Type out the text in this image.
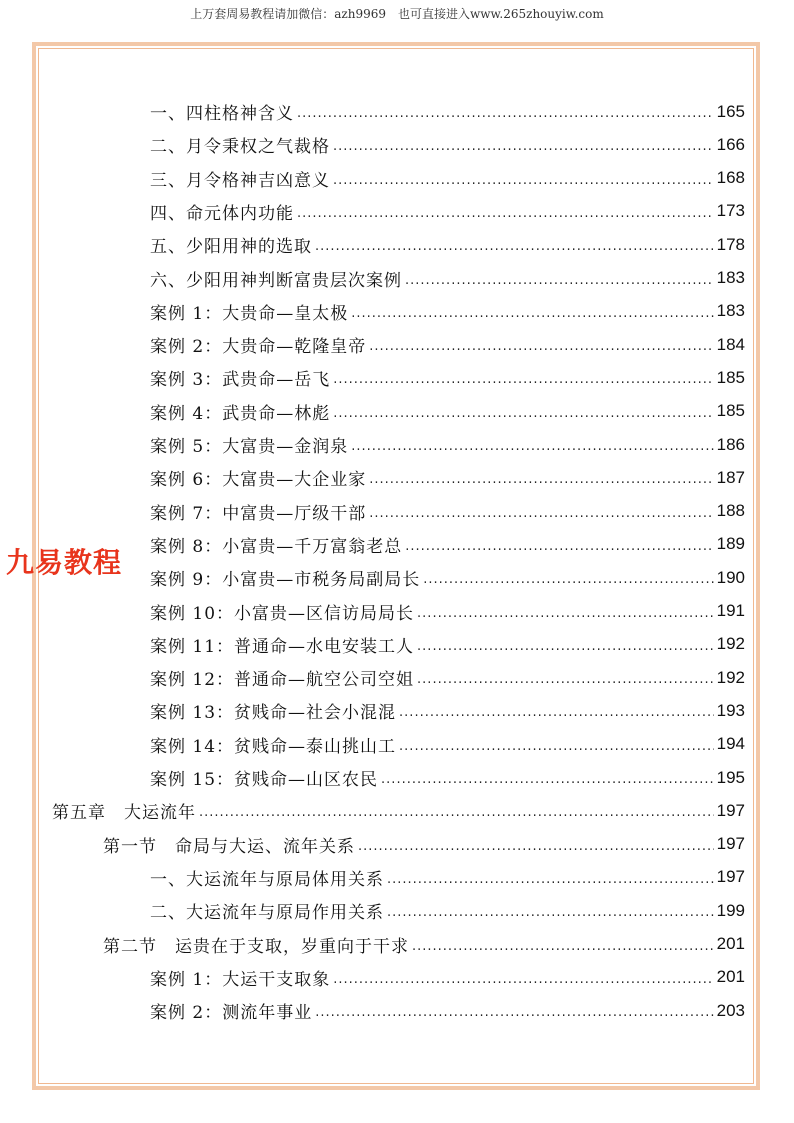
上万套周易教程请加微信：azh9969　也可直接进入www.265zhouyiw.com
一、四柱格神含义 .....	165
二、月令秉权之气裁格 .....	166
三、月令格神吉凶意义 .....	168
四、命元体内功能 .....	173
五、少阳用神的选取 .....	178
六、少阳用神判断富贵层次案例 .....	183
案例 1：大贵命—皇太极 .....	183
案例 2：大贵命—乾隆皇帝 .....	184
案例 3：武贵命—岳飞 .....	185
案例 4：武贵命—林彪 .....	185
案例 5：大富贵—金润泉 .....	186
案例 6：大富贵—大企业家 .....	187
案例 7：中富贵—厅级干部 .....	188
案例 8：小富贵—千万富翁老总 .....	189
案例 9：小富贵—市税务局副局长 .....	190
案例 10：小富贵—区信访局局长 .....	191
案例 11：普通命—水电安装工人 .....	192
案例 12：普通命—航空公司空姐 .....	192
案例 13：贫贱命—社会小混混 .....	193
案例 14：贫贱命—泰山挑山工 .....	194
案例 15：贫贱命—山区农民 .....	195
第五章　大运流年 .....	197
第一节　命局与大运、流年关系 .....	197
一、大运流年与原局体用关系 .....	197
二、大运流年与原局作用关系 .....	199
第二节　运贵在于支取，岁重向于干求 .....	201
案例 1：大运干支取象 .....	201
案例 2：测流年事业 .....	203
九易教程
